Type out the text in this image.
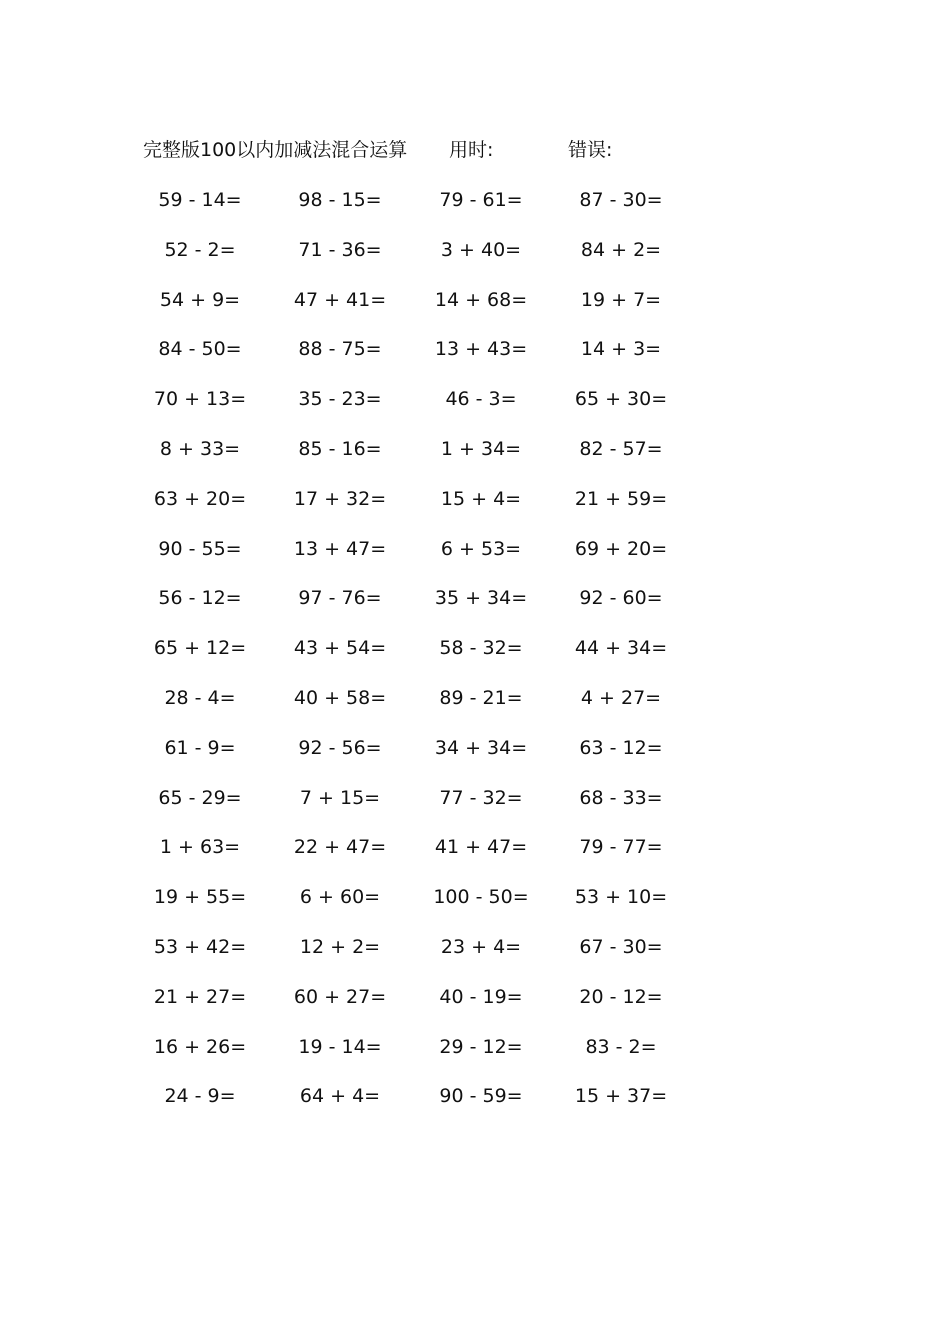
完整版100以内加减法混合运算 用时:	错误:
59 - 14=	98 - 15=	79 - 61=	87 - 30=
52 - 2=	71 - 36=	3 + 40=	84 + 2=
54 + 9=	47 + 41=	14 + 68=	19 + 7=
84 - 50=	88 - 75=	13 + 43=	14 + 3=
70 + 13=	35 - 23=	46 - 3=	65 + 30=
8 + 33=	85 - 16=	1 + 34=	82 - 57=
63 + 20=	17 + 32=	15 + 4=	21 + 59=
90 - 55=	13 + 47=	6 + 53=	69 + 20=
56 - 12=	97 - 76=	35 + 34=	92 - 60=
65 + 12=	43 + 54=	58 - 32=	44 + 34=
28 - 4=	40 + 58=	89 - 21=	4 + 27=
61 - 9=	92 - 56=	34 + 34=	63 - 12=
65 - 29=	7 + 15=	77 - 32=	68 - 33=
1 + 63=	22 + 47=	41 + 47=	79 - 77=
19 + 55=	6 + 60=	100 - 50=	53 + 10=
53 + 42=	12 + 2=	23 + 4=	67 - 30=
21 + 27=	60 + 27=	40 - 19=	20 - 12=
16 + 26=	19 - 14=	29 - 12=	83 - 2=
24 - 9=	64 + 4=	90 - 59=	15 + 37=
